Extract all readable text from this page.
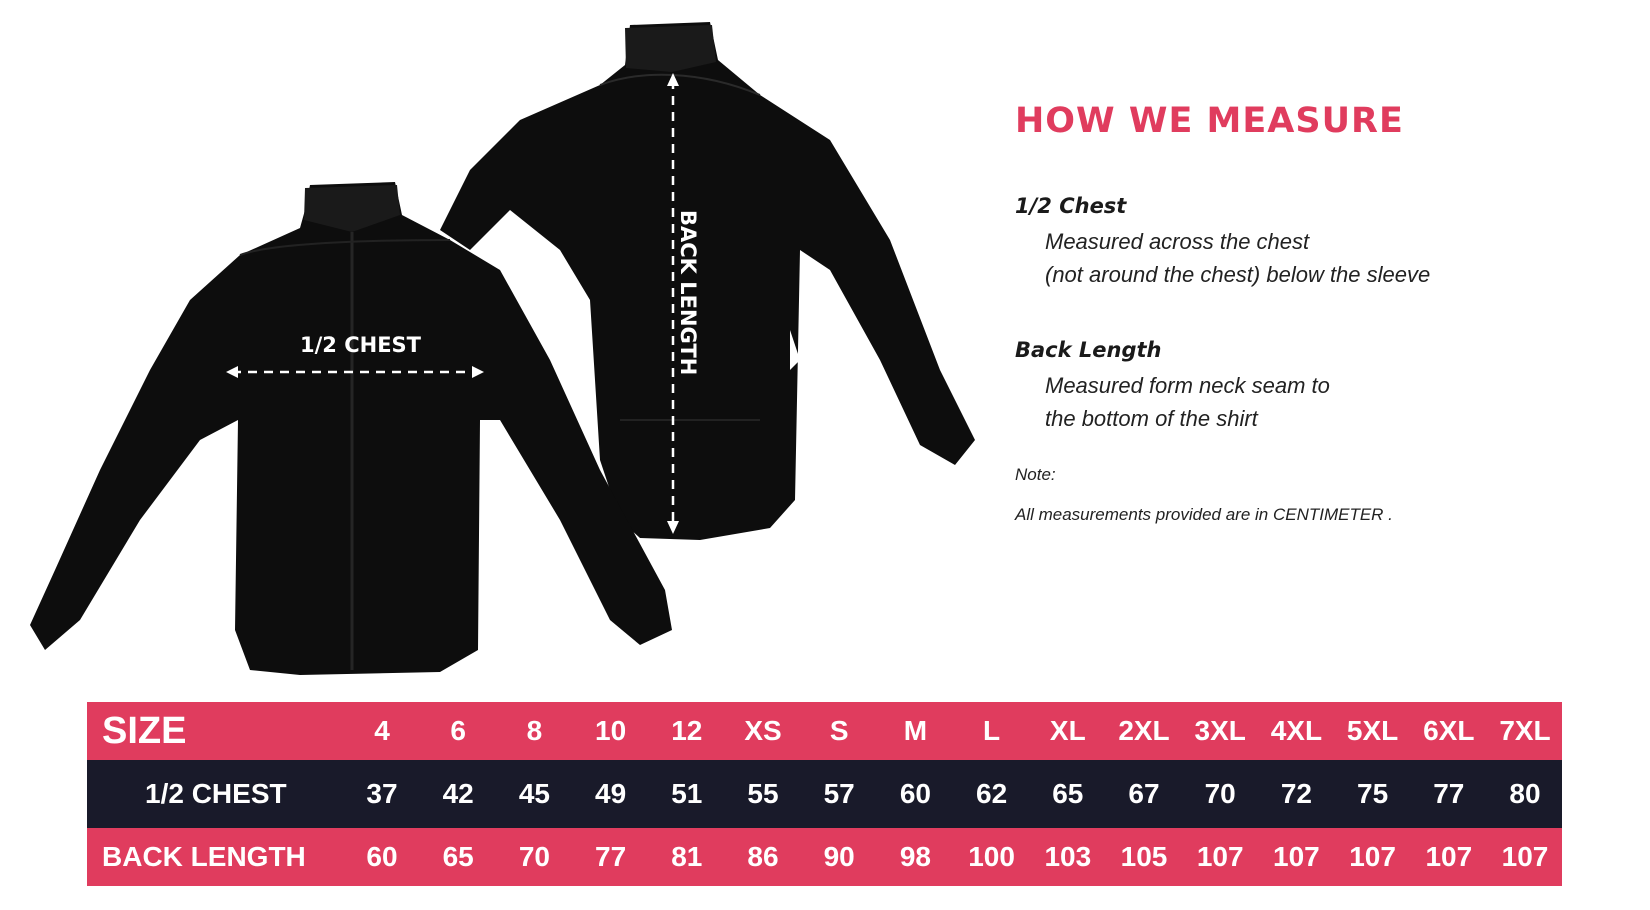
1/2 CHEST	BACK LENGTH
HOW WE MEASURE
1/2 Chest
Measured across the chest
(not around the chest) below the sleeve
Back Length
Measured form neck seam to
the bottom of the shirt
Note:
All measurements provided are in CENTIMETER .
SIZE	4	6	8	10	12	XS	S	M	L	XL	2XL 3XL 4XL 5XL 6XL 7XL
1/2 CHEST	37	42	45	49	51	55	57	60	62	65	67	70	72	75	77	80
BACK LENGTH	60	65	70	77	81	86	90	98	100	103	105	107	107	107	107	107
